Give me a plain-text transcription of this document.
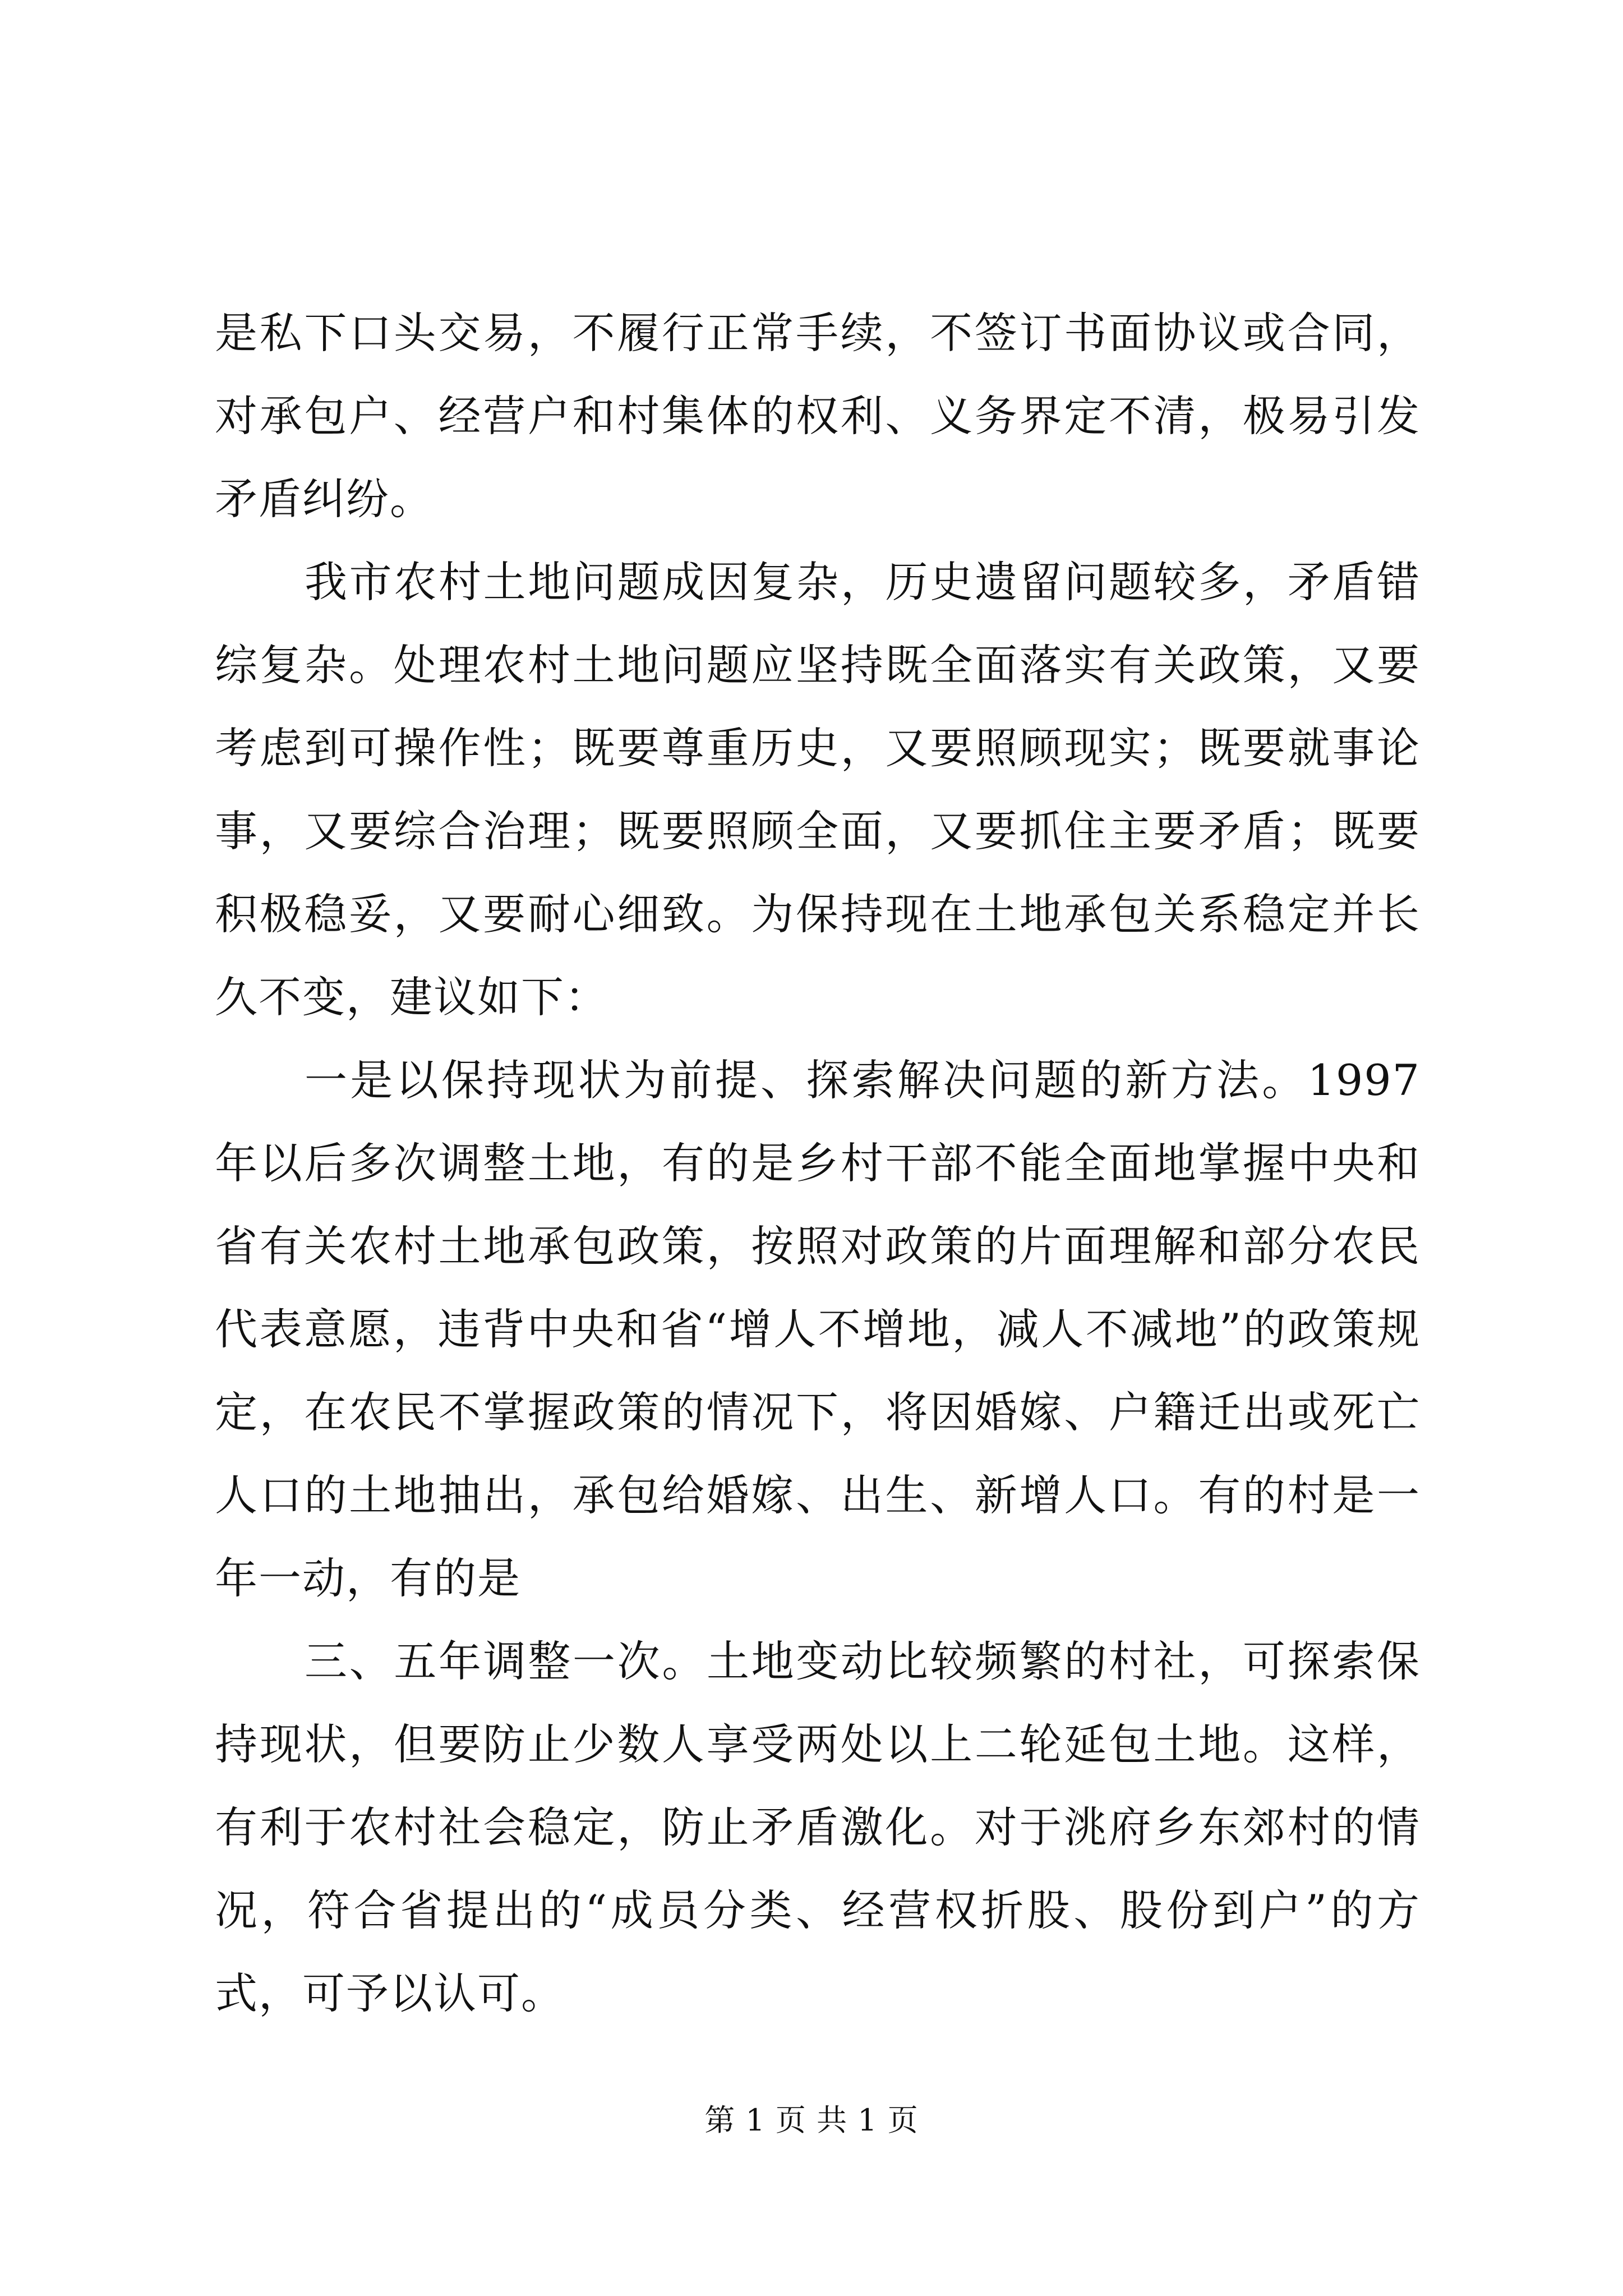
是私下口头交易，不履行正常手续，不签订书面协议或合同，对承包户、经营户和村集体的权利、义务界定不清，极易引发矛盾纠纷。

我市农村土地问题成因复杂，历史遗留问题较多，矛盾错综复杂。处理农村土地问题应坚持既全面落实有关政策，又要考虑到可操作性；既要尊重历史，又要照顾现实；既要就事论事，又要综合治理；既要照顾全面，又要抓住主要矛盾；既要积极稳妥，又要耐心细致。为保持现在土地承包关系稳定并长久不变，建议如下：

一是以保持现状为前提、探索解决问题的新方法。1997 年以后多次调整土地，有的是乡村干部不能全面地掌握中央和省有关农村土地承包政策，按照对政策的片面理解和部分农民代表意愿，违背中央和省“增人不增地，减人不减地”的政策规定，在农民不掌握政策的情况下，将因婚嫁、户籍迁出或死亡人口的土地抽出，承包给婚嫁、出生、新增人口。有的村是一年一动，有的是

三、五年调整一次。土地变动比较频繁的村社，可探索保持现状，但要防止少数人享受两处以上二轮延包土地。这样，有利于农村社会稳定，防止矛盾激化。对于洮府乡东郊村的情况，符合省提出的“成员分类、经营权折股、股份到户”的方式，可予以认可。

第 1 页 共 1 页
